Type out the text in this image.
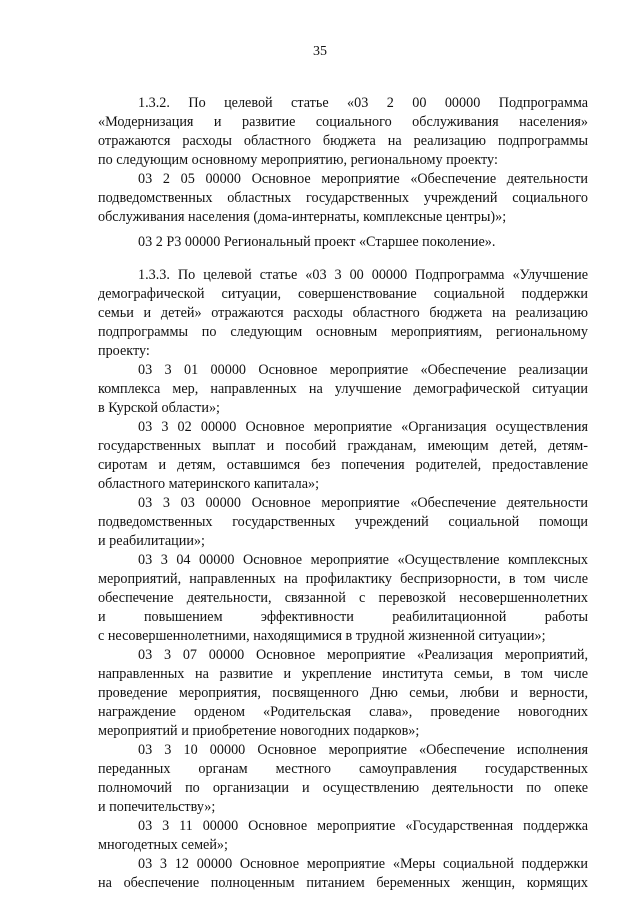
35
1.3.2. По целевой статье «03 2 00 00000 Подпрограмма
«Модернизация и развитие социального обслуживания населения»
отражаются расходы областного бюджета на реализацию подпрограммы
по следующим основному мероприятию, региональному проекту:
03 2 05 00000 Основное мероприятие «Обеспечение деятельности
подведомственных областных государственных учреждений социального
обслуживания населения (дома-интернаты, комплексные центры)»;
03 2 P3 00000 Региональный проект «Старшее поколение».
1.3.3. По целевой статье «03 3 00 00000 Подпрограмма «Улучшение
демографической ситуации, совершенствование социальной поддержки
семьи и детей» отражаются расходы областного бюджета на реализацию
подпрограммы по следующим основным мероприятиям, региональному
проекту:
03 3 01 00000 Основное мероприятие «Обеспечение реализации
комплекса мер, направленных на улучшение демографической ситуации
в Курской области»;
03 3 02 00000 Основное мероприятие «Организация осуществления
государственных выплат и пособий гражданам, имеющим детей, детям-
сиротам и детям, оставшимся без попечения родителей, предоставление
областного материнского капитала»;
03 3 03 00000 Основное мероприятие «Обеспечение деятельности
подведомственных государственных учреждений социальной помощи
и реабилитации»;
03 3 04 00000 Основное мероприятие «Осуществление комплексных
мероприятий, направленных на профилактику беспризорности, в том числе
обеспечение деятельности, связанной с перевозкой несовершеннолетних
и повышением эффективности реабилитационной работы
с несовершеннолетними, находящимися в трудной жизненной ситуации»;
03 3 07 00000 Основное мероприятие «Реализация мероприятий,
направленных на развитие и укрепление института семьи, в том числе
проведение мероприятия, посвященного Дню семьи, любви и верности,
награждение орденом «Родительская слава», проведение новогодних
мероприятий и приобретение новогодних подарков»;
03 3 10 00000 Основное мероприятие «Обеспечение исполнения
переданных органам местного самоуправления государственных
полномочий по организации и осуществлению деятельности по опеке
и попечительству»;
03 3 11 00000 Основное мероприятие «Государственная поддержка
многодетных семей»;
03 3 12 00000 Основное мероприятие «Меры социальной поддержки
на обеспечение полноценным питанием беременных женщин, кормящих
